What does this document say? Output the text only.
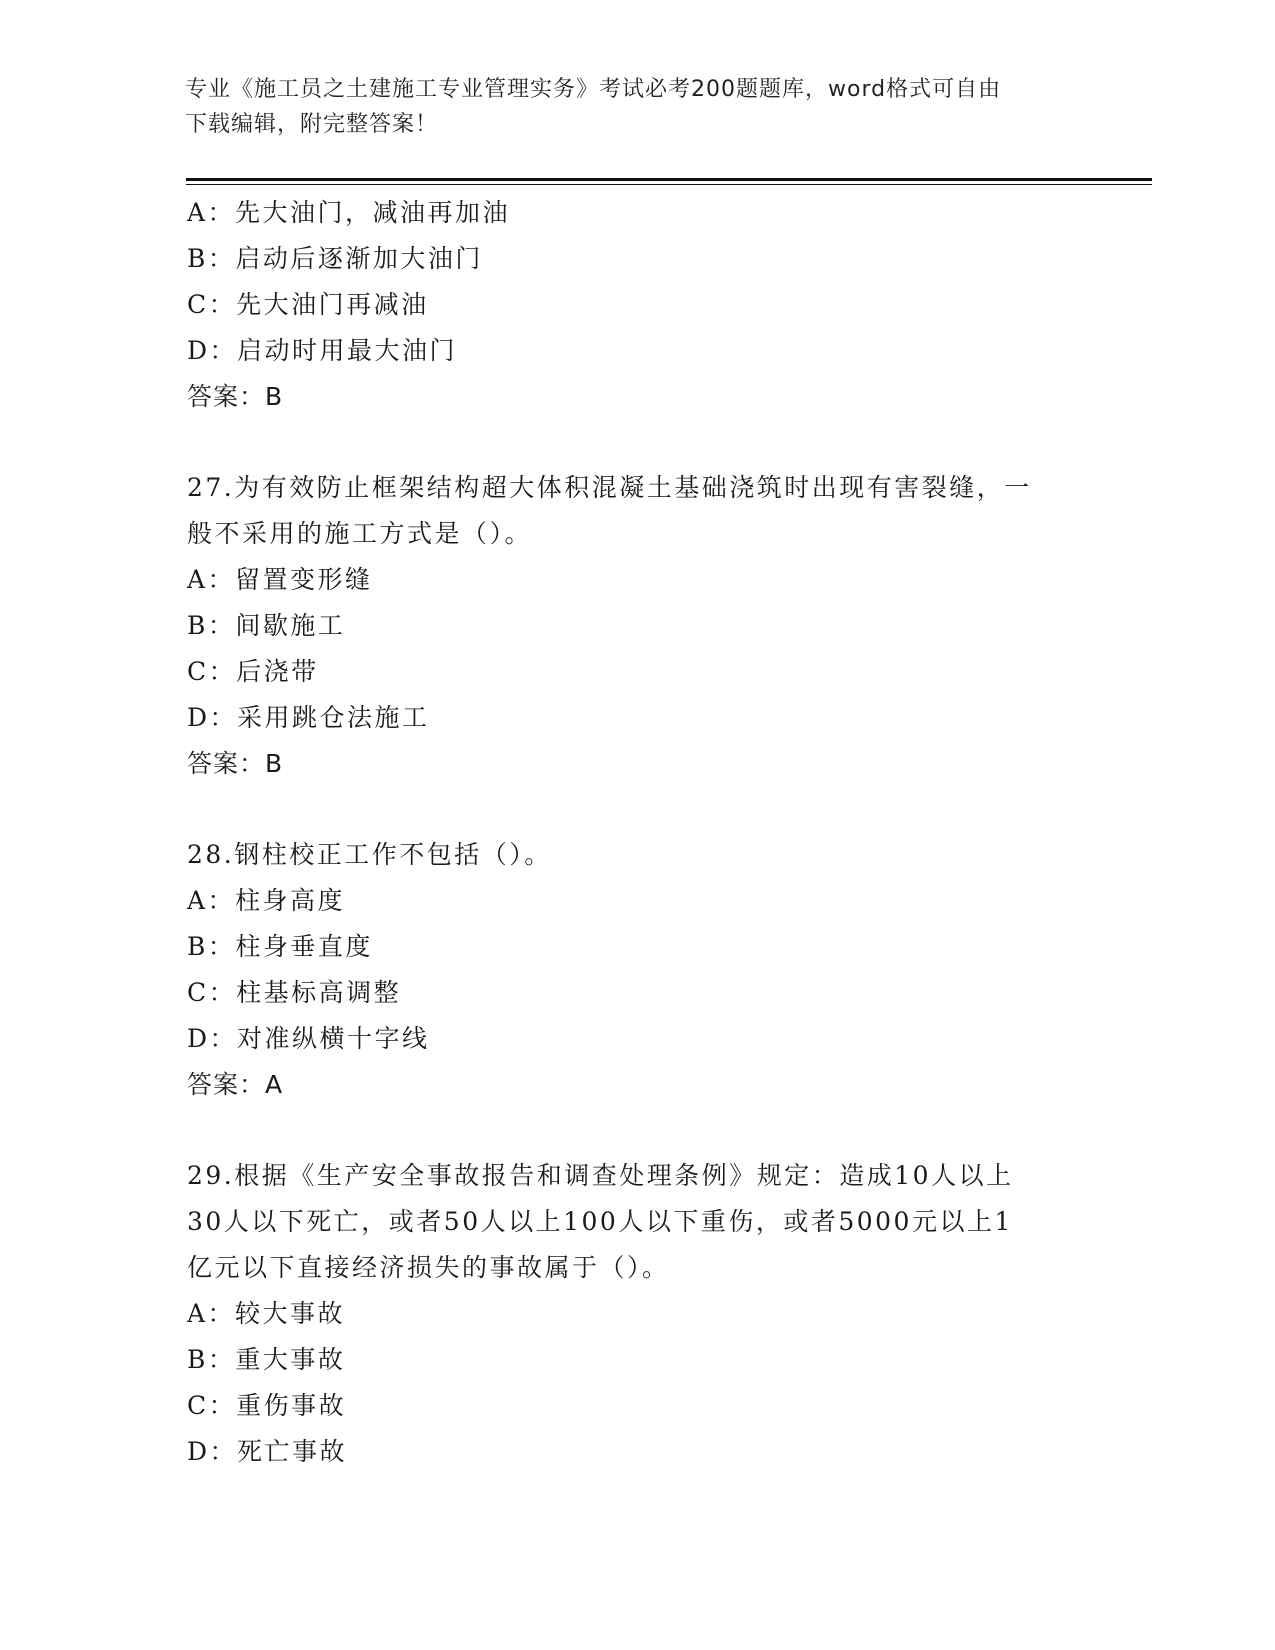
专业《施工员之土建施工专业管理实务》考试必考200题题库，word格式可自由
下载编辑，附完整答案！
A：先大油门，减油再加油
B：启动后逐渐加大油门
C：先大油门再减油
D：启动时用最大油门
答案：B
27.为有效防止框架结构超大体积混凝土基础浇筑时出现有害裂缝，一
般不采用的施工方式是（）。
A：留置变形缝
B：间歇施工
C：后浇带
D：采用跳仓法施工
答案：B
28.钢柱校正工作不包括（）。
A：柱身高度
B：柱身垂直度
C：柱基标高调整
D：对准纵横十字线
答案：A
29.根据《生产安全事故报告和调查处理条例》规定：造成10人以上
30人以下死亡，或者50人以上100人以下重伤，或者5000元以上1
亿元以下直接经济损失的事故属于（）。
A：较大事故
B：重大事故
C：重伤事故
D：死亡事故
